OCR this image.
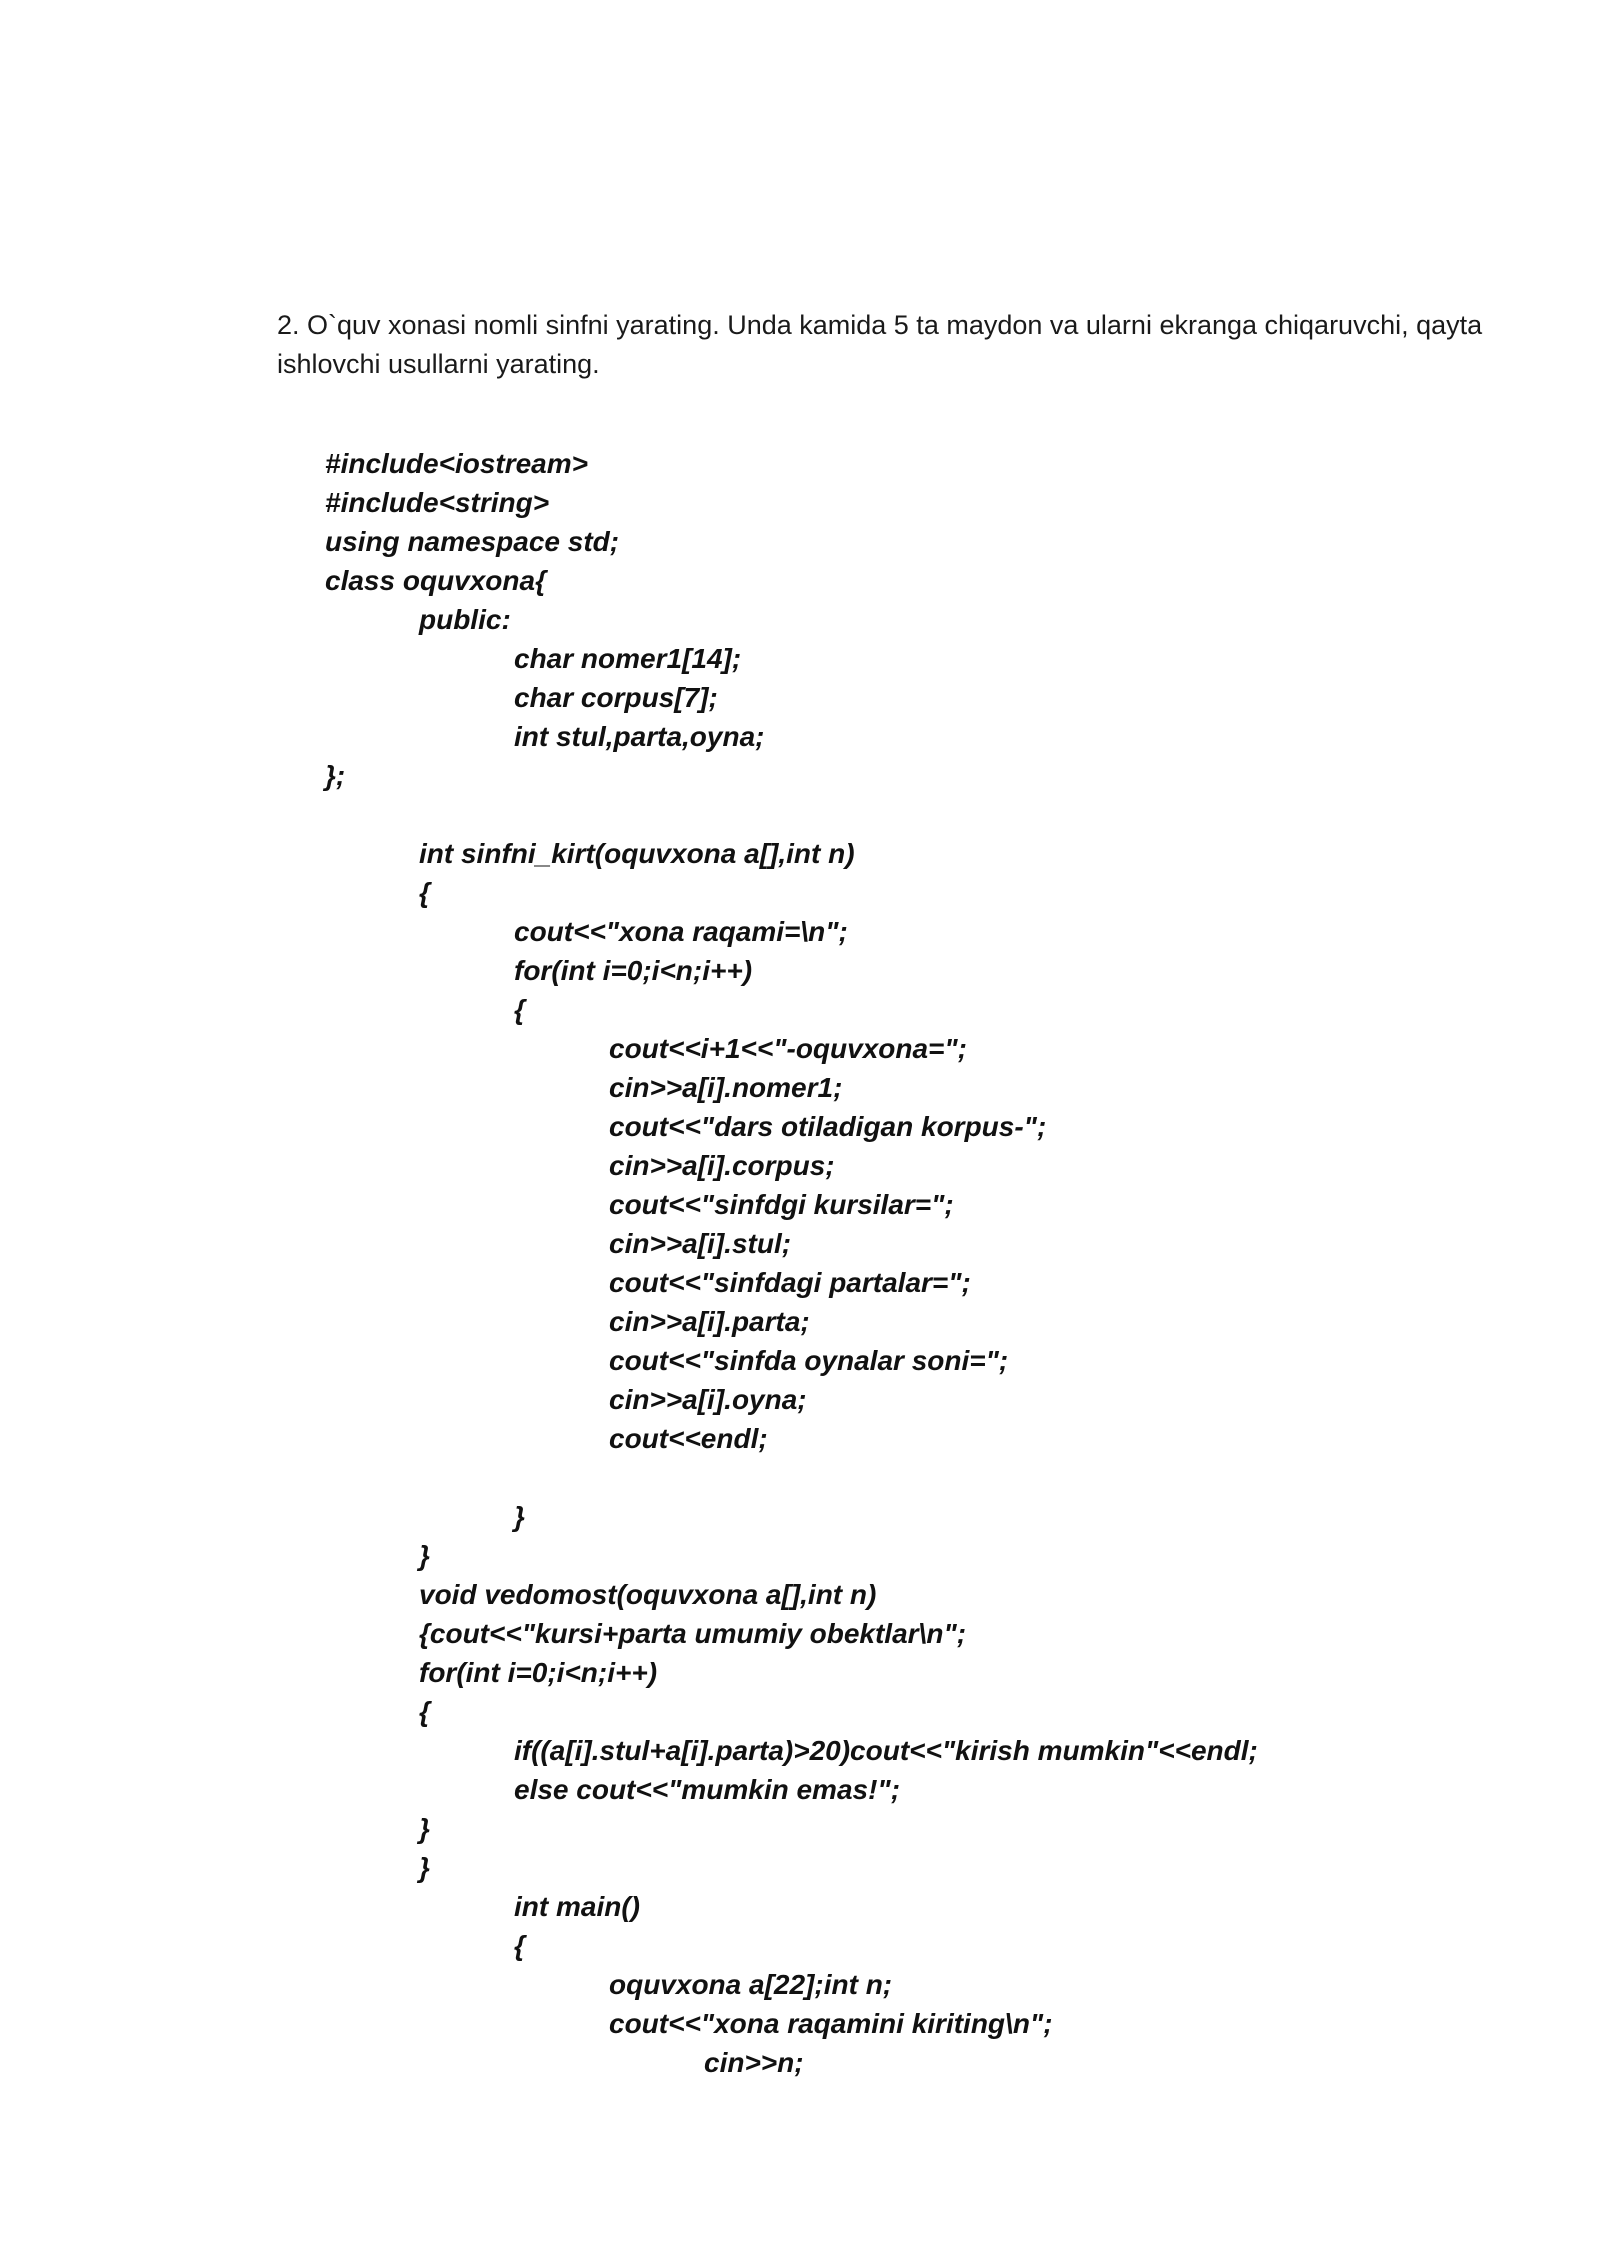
2. O`quv xonasi nomli sinfni yarating. Unda kamida 5 ta maydon va ularni ekranga chiqaruvchi, qayta ishlovchi usullarni yarating.

#include<iostream>
#include<string>
using namespace std;
class oquvxona{
public:
char nomer1[14];
char corpus[7];
int stul,parta,oyna;
};
int sinfni_kirt(oquvxona a[],int n)
{
cout<<"xona raqami=\n";
for(int i=0;i<n;i++)
{
cout<<i+1<<"-oquvxona=";
cin>>a[i].nomer1;
cout<<"dars otiladigan korpus-";
cin>>a[i].corpus;
cout<<"sinfdgi kursilar=";
cin>>a[i].stul;
cout<<"sinfdagi partalar=";
cin>>a[i].parta;
cout<<"sinfda oynalar soni=";
cin>>a[i].oyna;
cout<<endl;
}
}
void vedomost(oquvxona a[],int n)
{cout<<"kursi+parta umumiy obektlar\n";
for(int i=0;i<n;i++)
{
if((a[i].stul+a[i].parta)>20)cout<<"kirish mumkin"<<endl;
else cout<<"mumkin emas!";
}
}
int main()
{
oquvxona a[22];int n;
cout<<"xona raqamini kiriting\n";
cin>>n;
